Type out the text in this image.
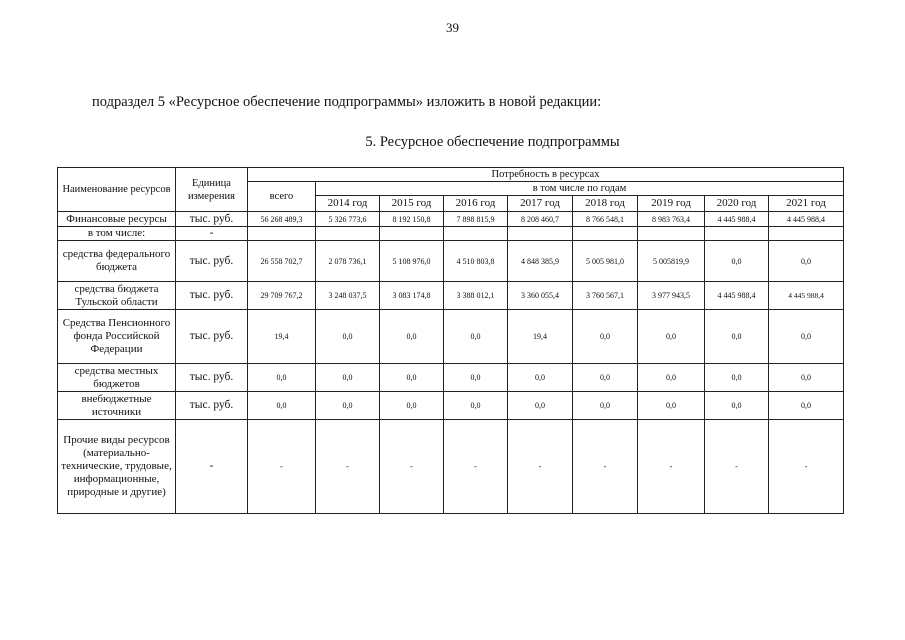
39
подраздел 5 «Ресурсное обеспечение подпрограммы» изложить в новой редакции:
5. Ресурсное обеспечение подпрограммы
Наименование ресурсов	Единица измерения	Потребность в ресурсах								
		всего	в том числе по годам							
			2014 год	2015 год	2016 год	2017 год	2018 год	2019 год	2020 год	2021 год
Финансовые ресурсы	тыс. руб.	56 268 489,3	5 326 773,6	8 192 150,8	7 898 815,9	8 208 460,7	8 766 548,1	8 983 763,4	4 445 988,4	4 445 988,4
в том числе:	-									
средства федерального бюджета	тыс. руб.	26 558 702,7	2 078 736,1	5 108 976,0	4 510 803,8	4 848 385,9	5 005 981,0	5 005819,9	0,0	0,0
средства бюджета Тульской области	тыс. руб.	29 709 767,2	3 248 037,5	3 083 174,8	3 388 012,1	3 360 055,4	3 760 567,1	3 977 943,5	4 445 988,4	4 445 988,4
Средства Пенсионного фонда Российской Федерации	тыс. руб.	19,4	0,0	0,0	0,0	19,4	0,0	0,0	0,0	0,0
средства местных бюджетов	тыс. руб.	0,0	0,0	0,0	0,0	0,0	0,0	0,0	0,0	0,0
внебюджетные источники	тыс. руб.	0,0	0,0	0,0	0,0	0,0	0,0	0,0	0,0	0,0
Прочие виды ресурсов (материально-технические, трудовые, информационные, природные и другие)	-	-	-	-	-	-	-	-	-	-
